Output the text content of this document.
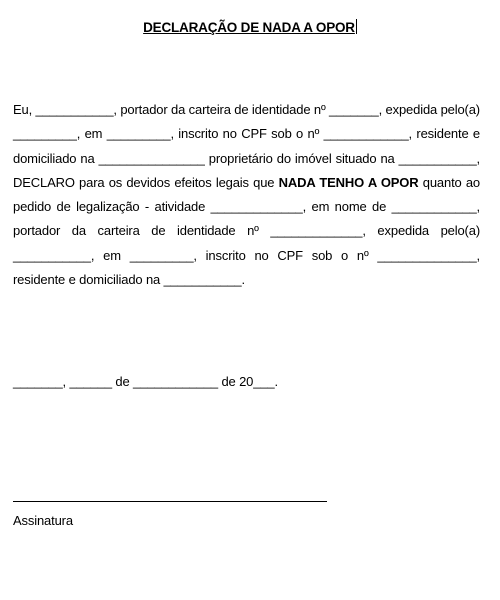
DECLARAÇÃO DE NADA A OPOR
Eu, ___________, portador da carteira de identidade nº _______, expedida pelo(a) _________, em _________, inscrito no CPF sob o nº ____________, residente e domiciliado na _______________ proprietário do imóvel situado na ___________, DECLARO para os devidos efeitos legais que NADA TENHO A OPOR quanto ao pedido de legalização - atividade _____________, em nome de ____________, portador da carteira de identidade nº _____________, expedida pelo(a) ___________, em _________, inscrito no CPF sob o nº ______________, residente e domiciliado na ___________.
_______, ______ de ____________ de 20___.
Assinatura
